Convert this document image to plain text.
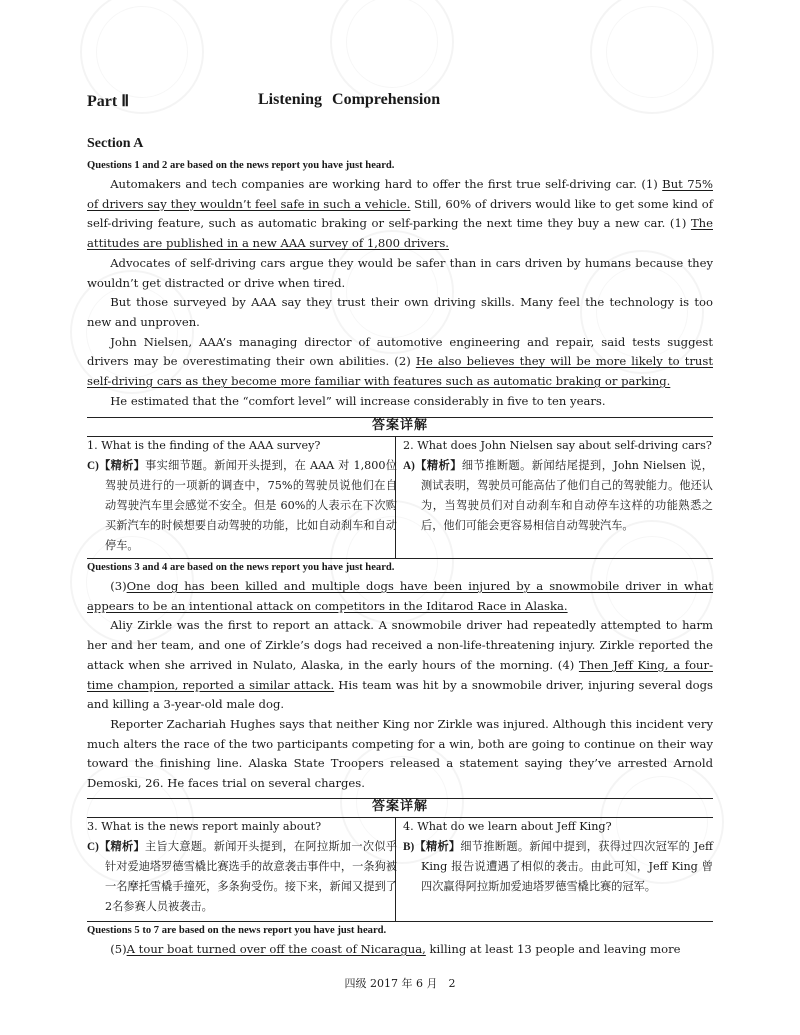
Part Ⅱ	Listening Comprehension
Section A
Questions 1 and 2 are based on the news report you have just heard.

Automakers and tech companies are working hard to offer the first true self-driving car. (1) But 75% of drivers say they wouldn’t feel safe in such a vehicle. Still, 60% of drivers would like to get some kind of self-driving feature, such as automatic braking or self-parking the next time they buy a new car. (1) The attitudes are published in a new AAA survey of 1,800 drivers.

Advocates of self-driving cars argue they would be safer than in cars driven by humans because they wouldn’t get distracted or drive when tired.

But those surveyed by AAA say they trust their own driving skills. Many feel the technology is too new and unproven.

John Nielsen, AAA’s managing director of automotive engineering and repair, said tests suggest drivers may be overestimating their own abilities. (2) He also believes they will be more likely to trust self-driving cars as they become more familiar with features such as automatic braking or parking.

He estimated that the “comfort level” will increase considerably in five to ten years.

答案详解
1. What is the finding of the AAA survey?
C)【精析】事实细节题。新闻开头提到，在 AAA 对 1,800位驾驶员进行的一项新的调查中，75%的驾驶员说他们在自动驾驶汽车里会感觉不安全。但是 60%的人表示在下次购买新汽车的时候想要自动驾驶的功能，比如自动刹车和自动停车。
2. What does John Nielsen say about self-driving cars?
A)【精析】细节推断题。新闻结尾提到，John Nielsen 说，测试表明，驾驶员可能高估了他们自己的驾驶能力。他还认为，当驾驶员们对自动刹车和自动停车这样的功能熟悉之后，他们可能会更容易相信自动驾驶汽车。
Questions 3 and 4 are based on the news report you have just heard.

(3)One dog has been killed and multiple dogs have been injured by a snowmobile driver in what appears to be an intentional attack on competitors in the Iditarod Race in Alaska.

Aliy Zirkle was the first to report an attack. A snowmobile driver had repeatedly attempted to harm her and her team, and one of Zirkle’s dogs had received a non-life-threatening injury. Zirkle reported the attack when she arrived in Nulato, Alaska, in the early hours of the morning. (4) Then Jeff King, a four-time champion, reported a similar attack. His team was hit by a snowmobile driver, injuring several dogs and killing a 3-year-old male dog.

Reporter Zachariah Hughes says that neither King nor Zirkle was injured. Although this incident very much alters the race of the two participants competing for a win, both are going to continue on their way toward the finishing line. Alaska State Troopers released a statement saying they’ve arrested Arnold Demoski, 26. He faces trial on several charges.

答案详解
3. What is the news report mainly about?
C)【精析】主旨大意题。新闻开头提到，在阿拉斯加一次似乎针对爱迪塔罗德雪橇比赛选手的故意袭击事件中，一条狗被一名摩托雪橇手撞死，多条狗受伤。接下来，新闻又提到了2名参赛人员被袭击。
4. What do we learn about Jeff King?
B)【精析】细节推断题。新闻中提到，获得过四次冠军的 Jeff King 报告说遭遇了相似的袭击。由此可知，Jeff King 曾四次赢得阿拉斯加爱迪塔罗德雪橇比赛的冠军。
Questions 5 to 7 are based on the news report you have just heard.

(5)A tour boat turned over off the coast of Nicaragua, killing at least 13 people and leaving more

四级 2017 年 6 月　2
